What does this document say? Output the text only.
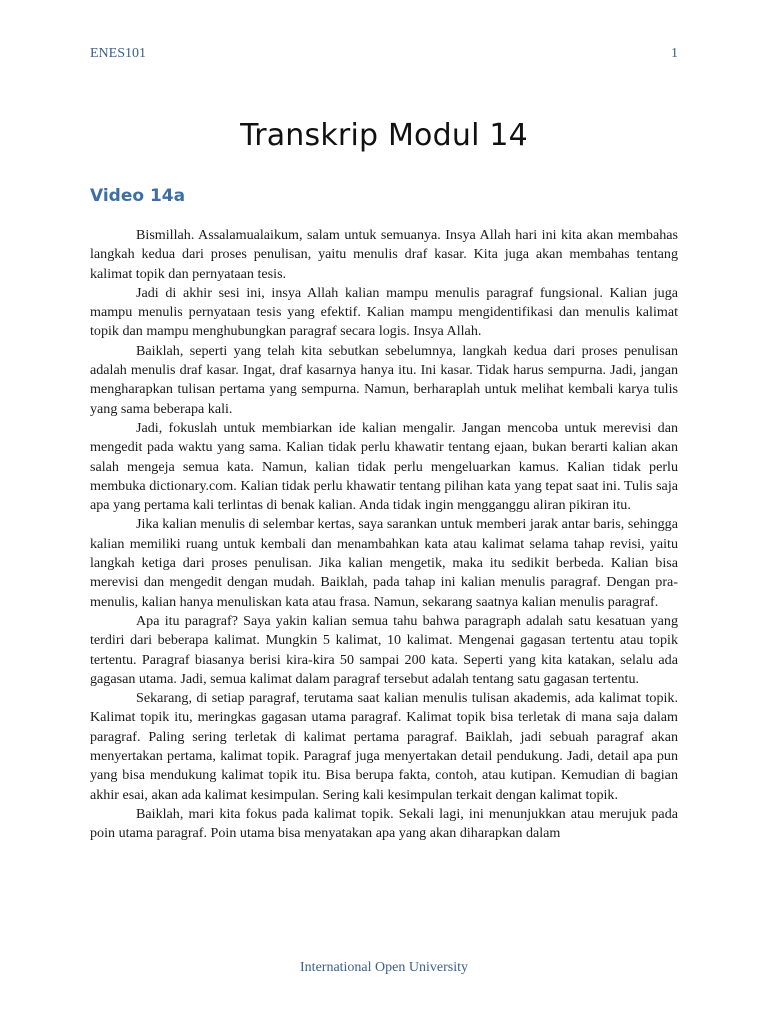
ENES101	1
Transkrip Modul 14
Video 14a

Bismillah. Assalamualaikum, salam untuk semuanya. Insya Allah hari ini kita akan membahas langkah kedua dari proses penulisan, yaitu menulis draf kasar. Kita juga akan membahas tentang kalimat topik dan pernyataan tesis.

Jadi di akhir sesi ini, insya Allah kalian mampu menulis paragraf fungsional. Kalian juga mampu menulis pernyataan tesis yang efektif. Kalian mampu mengidentifikasi dan menulis kalimat topik dan mampu menghubungkan paragraf secara logis. Insya Allah.

Baiklah, seperti yang telah kita sebutkan sebelumnya, langkah kedua dari proses penulisan adalah menulis draf kasar. Ingat, draf kasarnya hanya itu. Ini kasar. Tidak harus sempurna. Jadi, jangan mengharapkan tulisan pertama yang sempurna. Namun, berharaplah untuk melihat kembali karya tulis yang sama beberapa kali.

Jadi, fokuslah untuk membiarkan ide kalian mengalir. Jangan mencoba untuk merevisi dan mengedit pada waktu yang sama. Kalian tidak perlu khawatir tentang ejaan, bukan berarti kalian akan salah mengeja semua kata. Namun, kalian tidak perlu mengeluarkan kamus. Kalian tidak perlu membuka dictionary.com. Kalian tidak perlu khawatir tentang pilihan kata yang tepat saat ini. Tulis saja apa yang pertama kali terlintas di benak kalian. Anda tidak ingin mengganggu aliran pikiran itu.

Jika kalian menulis di selembar kertas, saya sarankan untuk memberi jarak antar baris, sehingga kalian memiliki ruang untuk kembali dan menambahkan kata atau kalimat selama tahap revisi, yaitu langkah ketiga dari proses penulisan. Jika kalian mengetik, maka itu sedikit berbeda. Kalian bisa merevisi dan mengedit dengan mudah. Baiklah, pada tahap ini kalian menulis paragraf. Dengan pra-menulis, kalian hanya menuliskan kata atau frasa. Namun, sekarang saatnya kalian menulis paragraf.

Apa itu paragraf? Saya yakin kalian semua tahu bahwa paragraph adalah satu kesatuan yang terdiri dari beberapa kalimat. Mungkin 5 kalimat, 10 kalimat. Mengenai gagasan tertentu atau topik tertentu. Paragraf biasanya berisi kira-kira 50 sampai 200 kata. Seperti yang kita katakan, selalu ada gagasan utama. Jadi, semua kalimat dalam paragraf tersebut adalah tentang satu gagasan tertentu.

Sekarang, di setiap paragraf, terutama saat kalian menulis tulisan akademis, ada kalimat topik. Kalimat topik itu, meringkas gagasan utama paragraf. Kalimat topik bisa terletak di mana saja dalam paragraf. Paling sering terletak di kalimat pertama paragraf. Baiklah, jadi sebuah paragraf akan menyertakan pertama, kalimat topik. Paragraf juga menyertakan detail pendukung. Jadi, detail apa pun yang bisa mendukung kalimat topik itu. Bisa berupa fakta, contoh, atau kutipan. Kemudian di bagian akhir esai, akan ada kalimat kesimpulan. Sering kali kesimpulan terkait dengan kalimat topik.

Baiklah, mari kita fokus pada kalimat topik. Sekali lagi, ini menunjukkan atau merujuk pada poin utama paragraf. Poin utama bisa menyatakan apa yang akan diharapkan dalam

International Open University
